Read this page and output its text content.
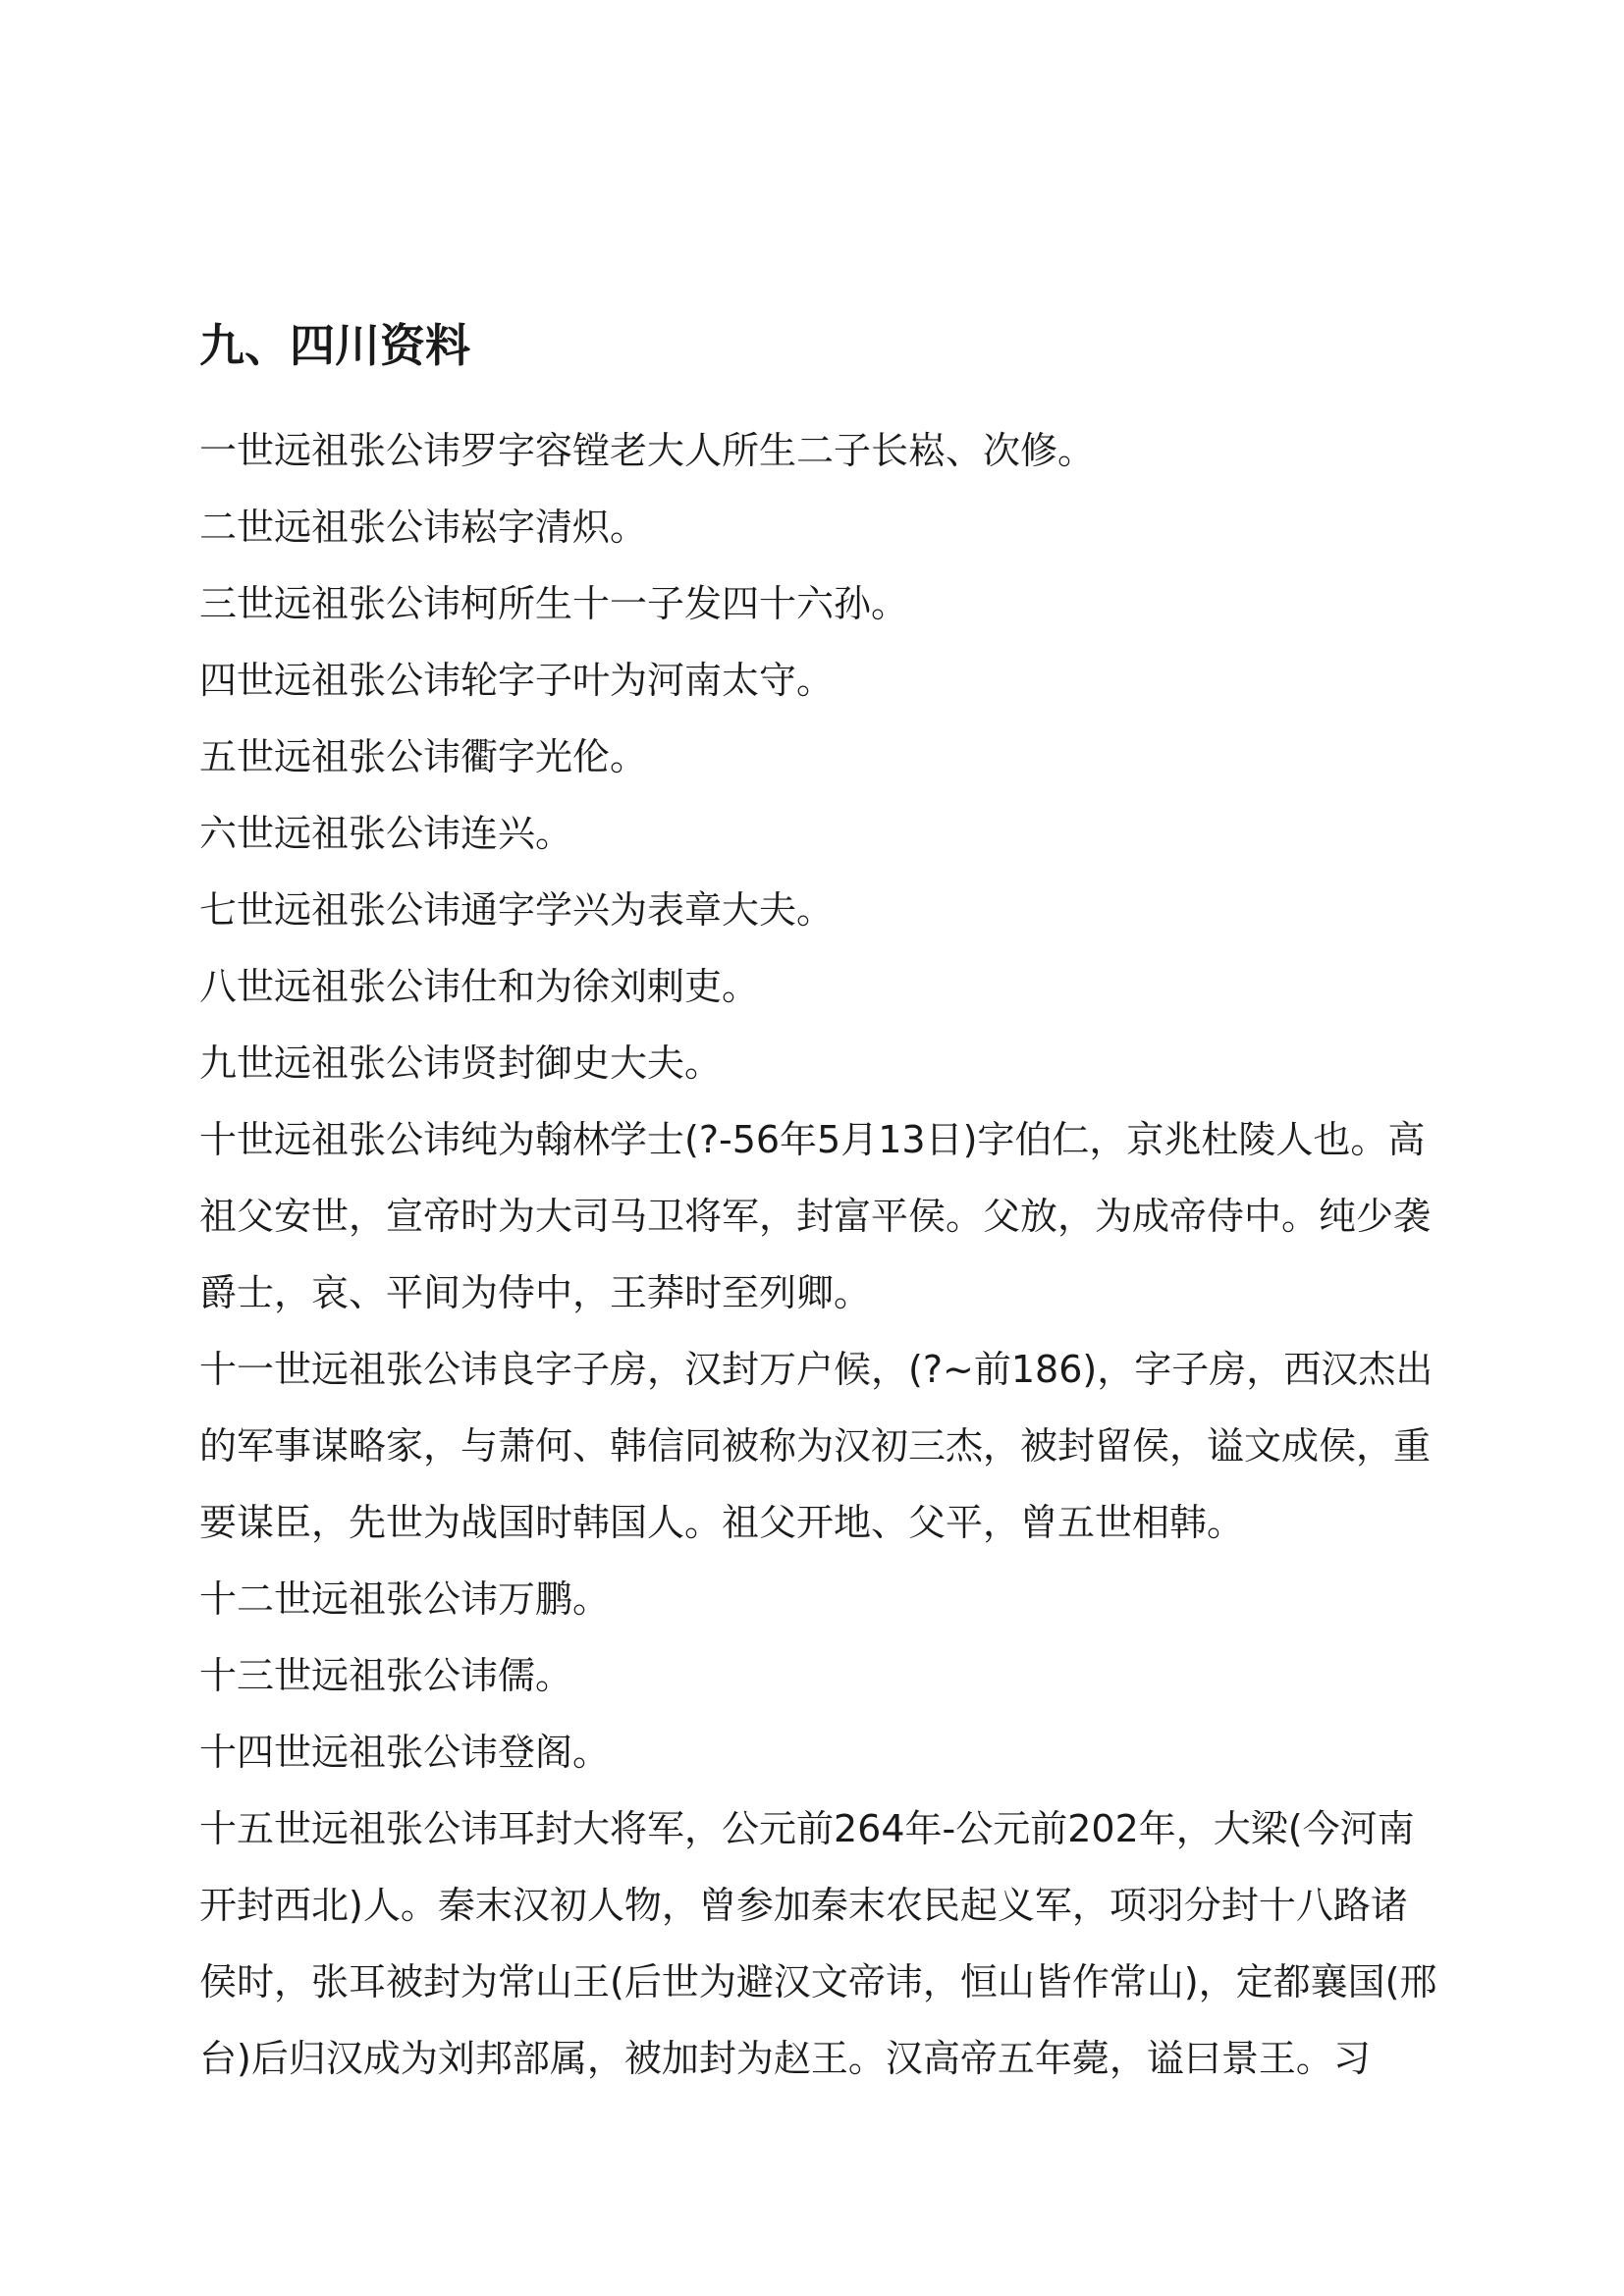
九、四川资料

一世远祖张公讳罗字容镗老大人所生二子长崧、次修。

二世远祖张公讳崧字清炽。

三世远祖张公讳柯所生十一子发四十六孙。

四世远祖张公讳轮字子叶为河南太守。

五世远祖张公讳衢字光伦。

六世远祖张公讳连兴。

七世远祖张公讳通字学兴为表章大夫。

八世远祖张公讳仕和为徐刘剌吏。

九世远祖张公讳贤封御史大夫。

十世远祖张公讳纯为翰林学士(?-56年5月13日)字伯仁，京兆杜陵人也。高祖父安世，宣帝时为大司马卫将军，封富平侯。父放，为成帝侍中。纯少袭爵士，哀、平间为侍中，王莽时至列卿。

十一世远祖张公讳良字子房，汉封万户候，(?~前186)，字子房，西汉杰出的军事谋略家，与萧何、韩信同被称为汉初三杰，被封留侯，谥文成侯，重要谋臣，先世为战国时韩国人。祖父开地、父平，曾五世相韩。

十二世远祖张公讳万鹏。

十三世远祖张公讳儒。

十四世远祖张公讳登阁。

十五世远祖张公讳耳封大将军，公元前264年-公元前202年，大梁(今河南开封西北)人。秦末汉初人物，曾参加秦末农民起义军，项羽分封十八路诸侯时，张耳被封为常山王(后世为避汉文帝讳，恒山皆作常山)，定都襄国(邢台)后归汉成为刘邦部属，被加封为赵王。汉高帝五年薨，谥曰景王。习
